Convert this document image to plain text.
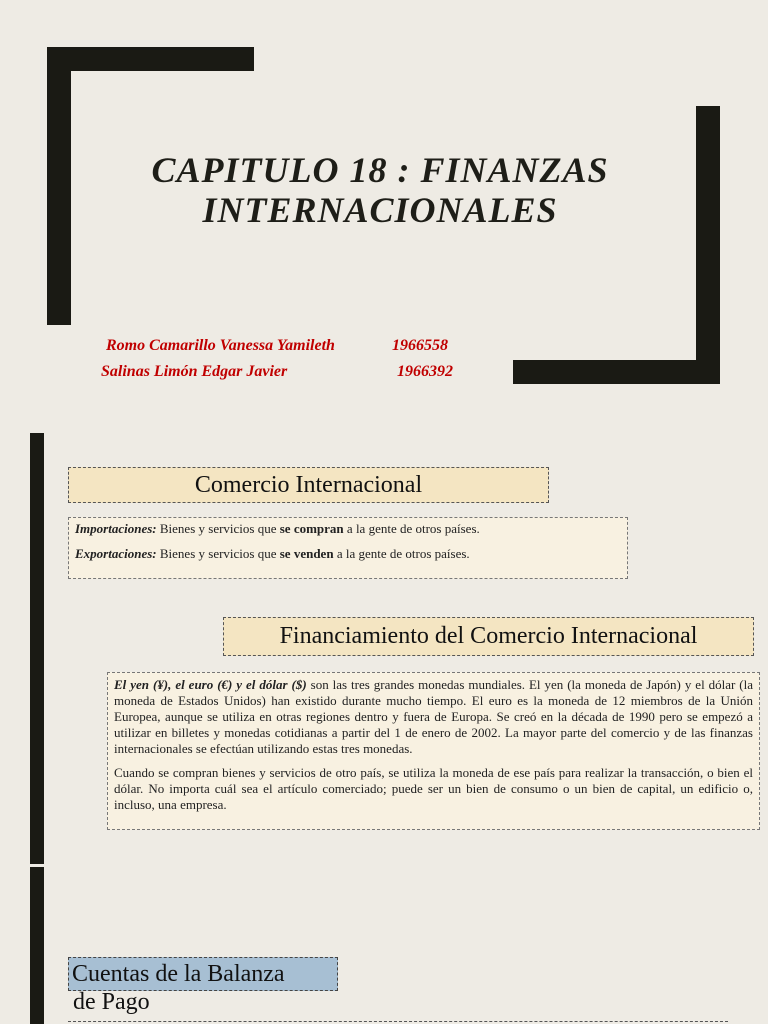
CAPITULO 18 : FINANZAS
INTERNACIONALES
Romo Camarillo Vanessa Yamileth	1966558
Salinas Limón Edgar Javier	1966392
Comercio Internacional

Importaciones: Bienes y servicios que se compran a la gente de otros países.

Exportaciones: Bienes y servicios que se venden a la gente de otros países.

Financiamiento del Comercio Internacional

El yen (¥), el euro (€) y el dólar ($) son las tres grandes monedas mundiales. El yen (la moneda de Japón) y el dólar (la moneda de Estados Unidos) han existido durante mucho tiempo. El euro es la moneda de 12 miembros de la Unión Europea, aunque se utiliza en otras regiones dentro y fuera de Europa. Se creó en la década de 1990 pero se empezó a utilizar en billetes y monedas cotidianas a partir del 1 de enero de 2002. La mayor parte del comercio y de las finanzas internacionales se efectúan utilizando estas tres monedas.

Cuando se compran bienes y servicios de otro país, se utiliza la moneda de ese país para realizar la transacción, o bien el dólar. No importa cuál sea el artículo comerciado; puede ser un bien de consumo o un bien de capital, un edificio o, incluso, una empresa.

Cuentas de la Balanza
de Pago
